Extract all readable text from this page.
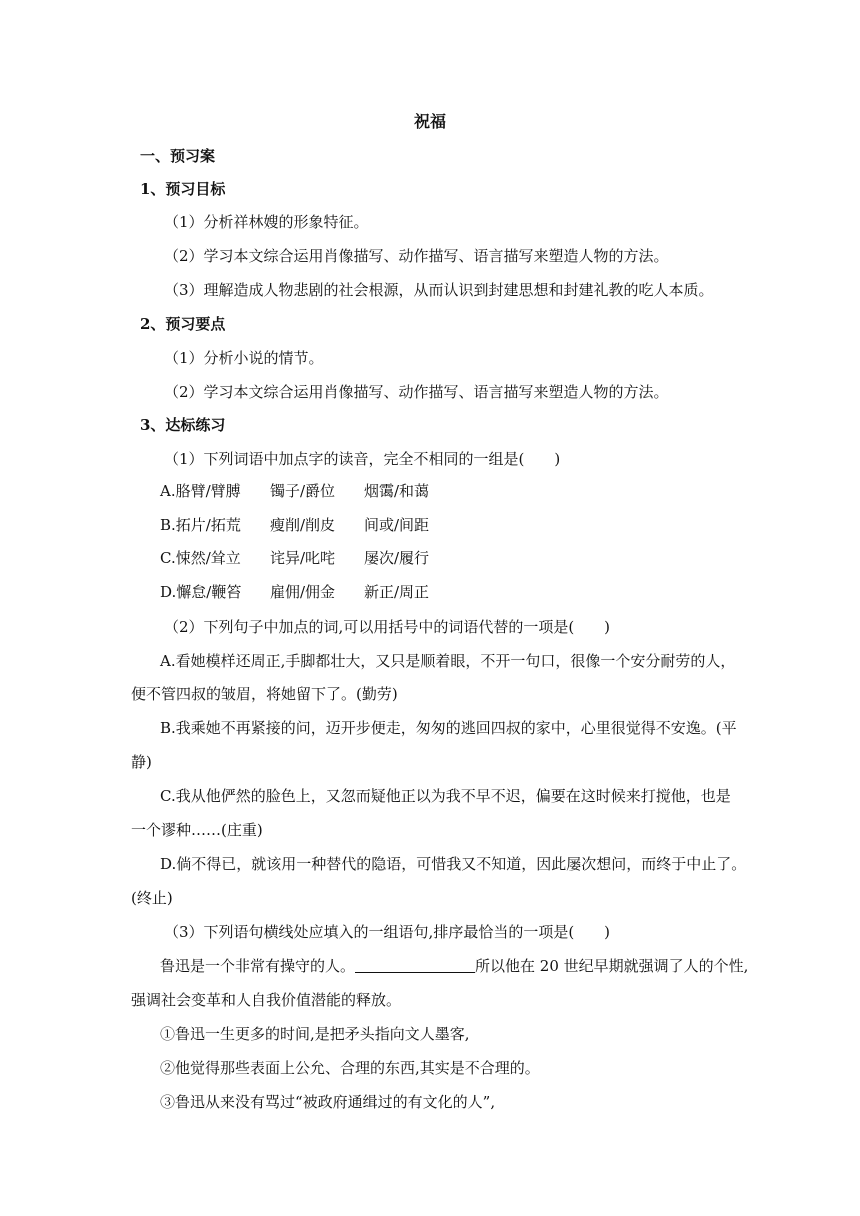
祝福
一、预习案
1、预习目标
（1）分析祥林嫂的形象特征。
（2）学习本文综合运用肖像描写、动作描写、语言描写来塑造人物的方法。
（3）理解造成人物悲剧的社会根源，从而认识到封建思想和封建礼教的吃人本质。
2、预习要点
（1）分析小说的情节。
（2）学习本文综合运用肖像描写、动作描写、语言描写来塑造人物的方法。
3、达标练习
（1）下列词语中加点字的读音，完全不相同的一组是(　　)
A.胳臂/臂膊 镯子/爵位 烟霭/和蔼
B.拓片/拓荒 瘦削/削皮 间或/间距
C.悚然/耸立 诧异/叱咤 屡次/履行
D.懈怠/鞭笞 雇佣/佣金 新正/周正
（2）下列句子中加点的词,可以用括号中的词语代替的一项是(　　)
A.看她模样还周正,手脚都壮大，又只是顺着眼，不开一句口，很像一个安分耐劳的人，
便不管四叔的皱眉，将她留下了。(勤劳)
B.我乘她不再紧接的问，迈开步便走，匆匆的逃回四叔的家中，心里很觉得不安逸。(平
静)
C.我从他俨然的脸色上，又忽而疑他正以为我不早不迟，偏要在这时候来打搅他，也是
一个谬种……(庄重)
D.倘不得已，就该用一种替代的隐语，可惜我又不知道，因此屡次想问，而终于中止了。
(终止)
（3）下列语句横线处应填入的一组语句,排序最恰当的一项是(　　)
鲁迅是一个非常有操守的人。	所以他在 20 世纪早期就强调了人的个性,
强调社会变革和人自我价值潜能的释放。
①鲁迅一生更多的时间,是把矛头指向文人墨客,
②他觉得那些表面上公允、合理的东西,其实是不合理的。
③鲁迅从来没有骂过“被政府通缉过的有文化的人”,
